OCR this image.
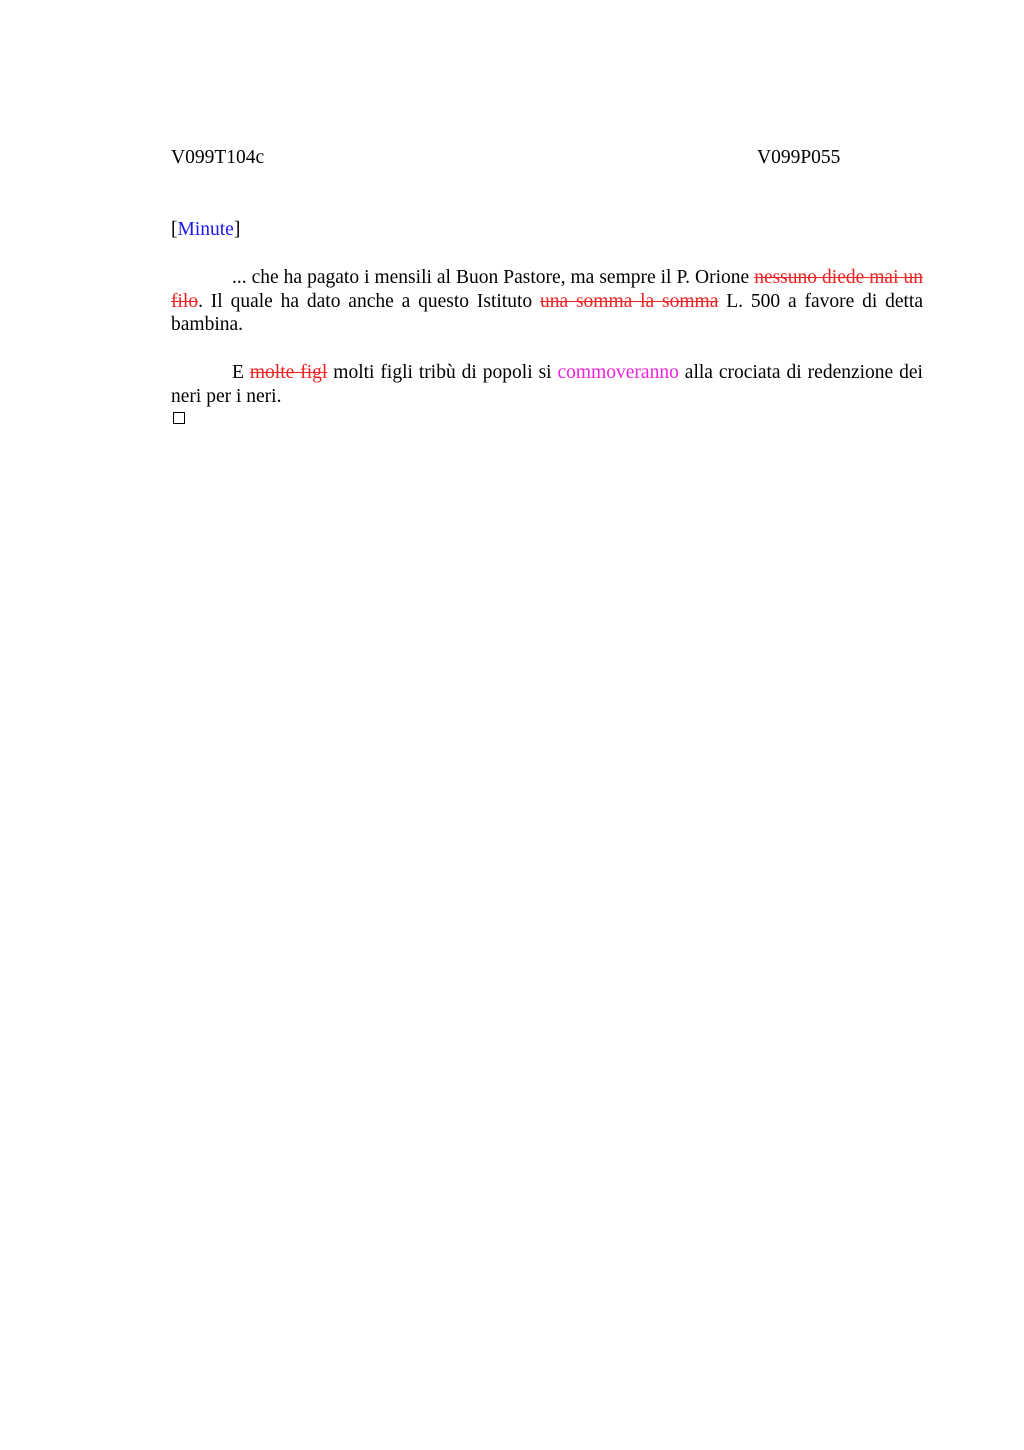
V099T104c	V099P055
[Minute]
... che ha pagato i mensili al Buon Pastore, ma sempre il P. Orione nessuno diede mai un filo. Il quale ha dato anche a questo Istituto una somma la somma L. 500 a favore di detta bambina.
E molte figl molti figli tribù di popoli si commoveranno alla crociata di redenzione dei neri per i neri.
